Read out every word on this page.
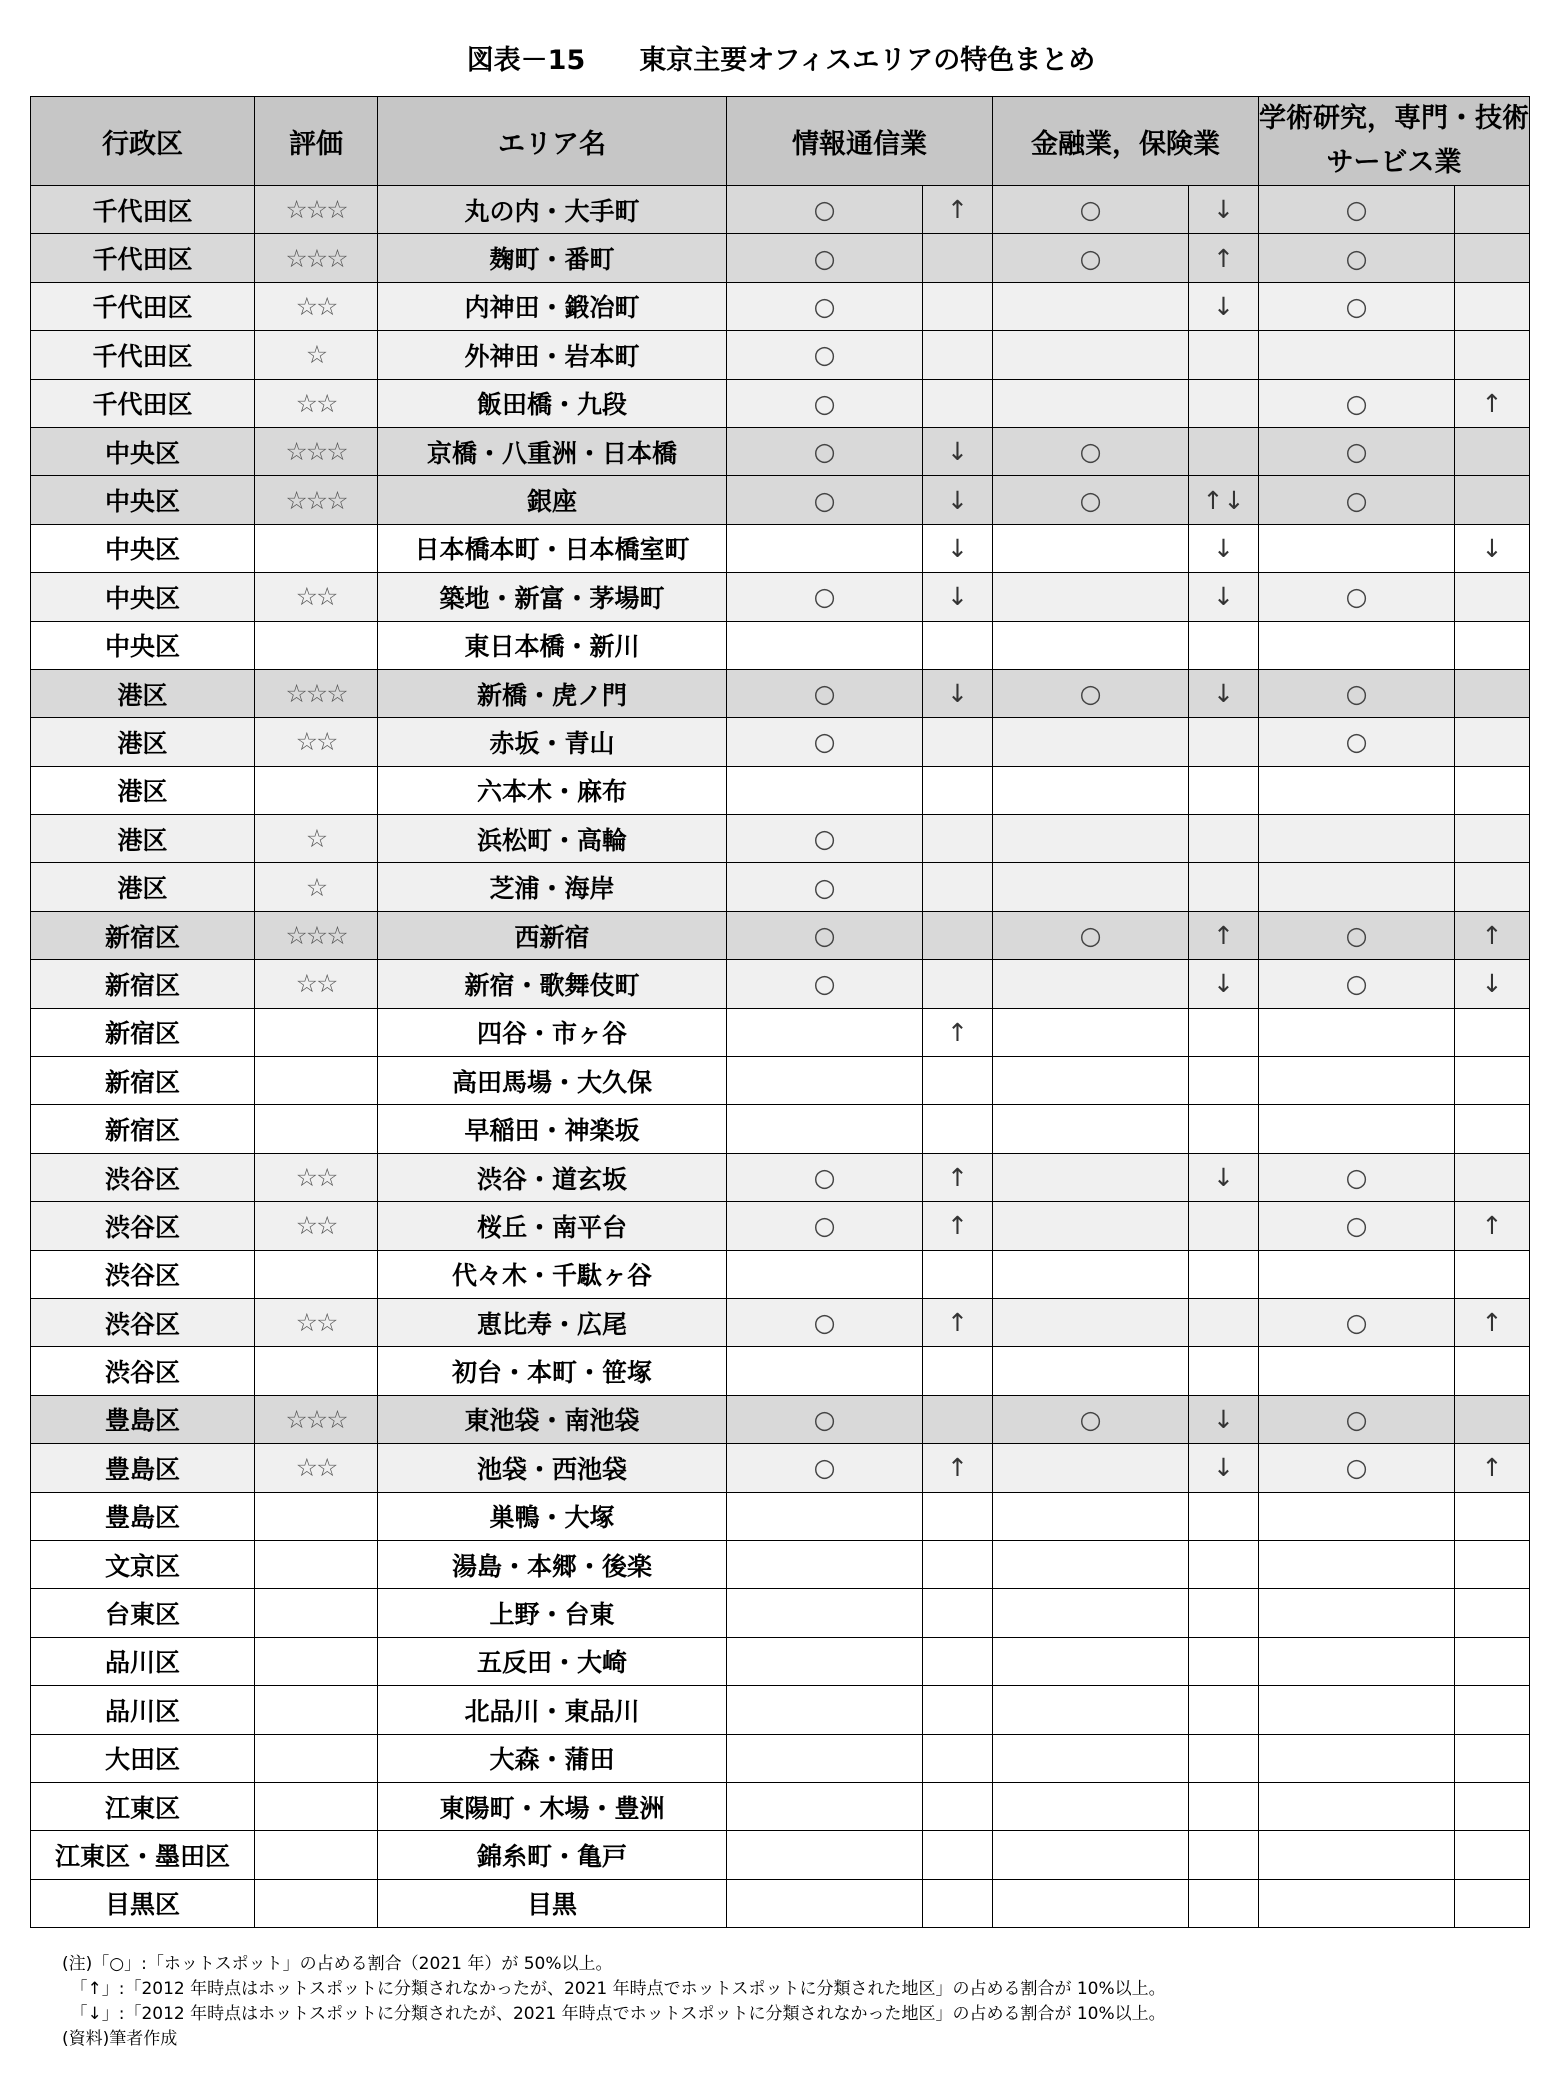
図表－15　　東京主要オフィスエリアの特色まとめ
行政区	評価	エリア名	情報通信業		金融業，保険業		学術研究，専門・技術サービス業	
千代田区	☆☆☆	丸の内・大手町	○	↑	○	↓	○	
千代田区	☆☆☆	麹町・番町	○		○	↑	○	
千代田区	☆☆	内神田・鍛冶町	○			↓	○	
千代田区	☆	外神田・岩本町	○					
千代田区	☆☆	飯田橋・九段	○				○	↑
中央区	☆☆☆	京橋・八重洲・日本橋	○	↓	○		○	
中央区	☆☆☆	銀座	○	↓	○	↑↓	○	
中央区		日本橋本町・日本橋室町		↓		↓		↓
中央区	☆☆	築地・新富・茅場町	○	↓		↓	○	
中央区		東日本橋・新川						
港区	☆☆☆	新橋・虎ノ門	○	↓	○	↓	○	
港区	☆☆	赤坂・青山	○				○	
港区		六本木・麻布						
港区	☆	浜松町・高輪	○					
港区	☆	芝浦・海岸	○					
新宿区	☆☆☆	西新宿	○		○	↑	○	↑
新宿区	☆☆	新宿・歌舞伎町	○			↓	○	↓
新宿区		四谷・市ヶ谷		↑				
新宿区		高田馬場・大久保						
新宿区		早稲田・神楽坂						
渋谷区	☆☆	渋谷・道玄坂	○	↑		↓	○	
渋谷区	☆☆	桜丘・南平台	○	↑			○	↑
渋谷区		代々木・千駄ヶ谷						
渋谷区	☆☆	恵比寿・広尾	○	↑			○	↑
渋谷区		初台・本町・笹塚						
豊島区	☆☆☆	東池袋・南池袋	○		○	↓	○	
豊島区	☆☆	池袋・西池袋	○	↑		↓	○	↑
豊島区		巣鴨・大塚						
文京区		湯島・本郷・後楽						
台東区		上野・台東						
品川区		五反田・大崎						
品川区		北品川・東品川						
大田区		大森・蒲田						
江東区		東陽町・木場・豊洲						
江東区・墨田区		錦糸町・亀戸						
目黒区		目黒						
(注)「○」:「ホットスポット」の占める割合（2021 年）が 50%以上。
　「↑」:「2012 年時点はホットスポットに分類されなかったが、2021 年時点でホットスポットに分類された地区」の占める割合が 10%以上。
　「↓」:「2012 年時点はホットスポットに分類されたが、2021 年時点でホットスポットに分類されなかった地区」の占める割合が 10%以上。
(資料)筆者作成
